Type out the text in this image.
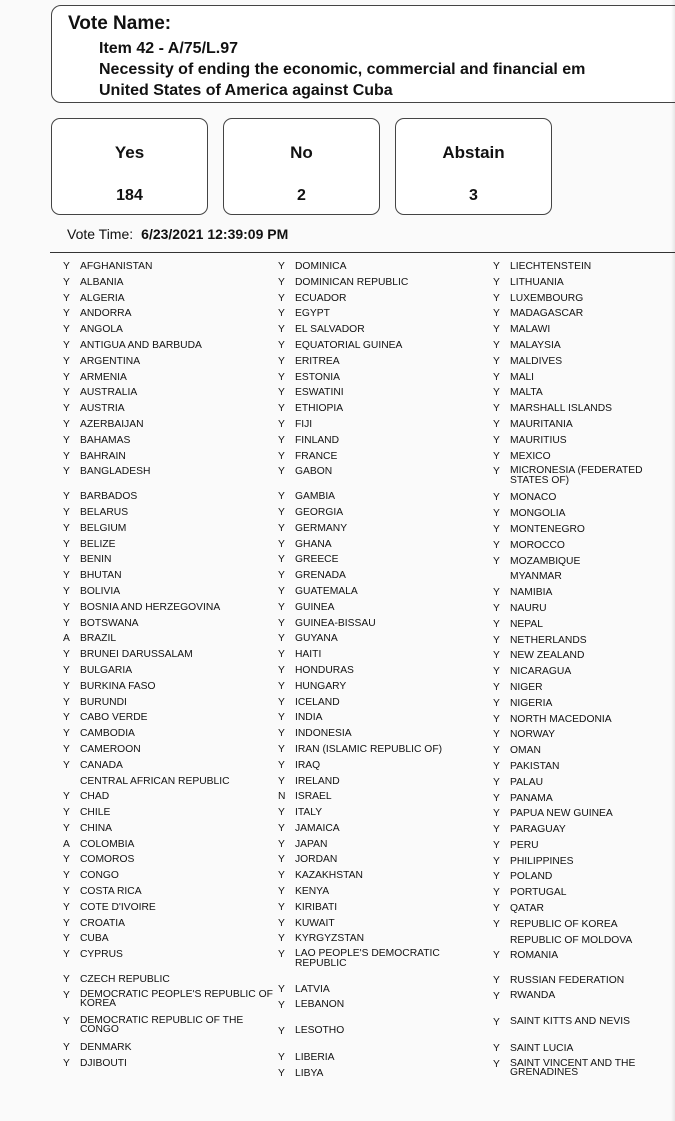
Vote Name:
Item 42 - A/75/L.97
Necessity of ending the economic, commercial and financial em
United States of America against Cuba
Yes
184
No
2
Abstain
3
Vote Time: 6/23/2021 12:39:09 PM
Y AFGHANISTAN
Y ALBANIA
Y ALGERIA
Y ANDORRA
Y ANGOLA
Y ANTIGUA AND BARBUDA
Y ARGENTINA
Y ARMENIA
Y AUSTRALIA
Y AUSTRIA
Y AZERBAIJAN
Y BAHAMAS
Y BAHRAIN
Y BANGLADESH
Y BARBADOS
Y BELARUS
Y BELGIUM
Y BELIZE
Y BENIN
Y BHUTAN
Y BOLIVIA
Y BOSNIA AND HERZEGOVINA
Y BOTSWANA
A BRAZIL
Y BRUNEI DARUSSALAM
Y BULGARIA
Y BURKINA FASO
Y BURUNDI
Y CABO VERDE
Y CAMBODIA
Y CAMEROON
Y CANADA
CENTRAL AFRICAN REPUBLIC
Y CHAD
Y CHILE
Y CHINA
A COLOMBIA
Y COMOROS
Y CONGO
Y COSTA RICA
Y COTE D'IVOIRE
Y CROATIA
Y CUBA
Y CYPRUS
Y CZECH REPUBLIC
Y DEMOCRATIC PEOPLE'S REPUBLIC OF KOREA
Y DEMOCRATIC REPUBLIC OF THE CONGO
Y DENMARK
Y DJIBOUTI
Y DOMINICA
Y DOMINICAN REPUBLIC
Y ECUADOR
Y EGYPT
Y EL SALVADOR
Y EQUATORIAL GUINEA
Y ERITREA
Y ESTONIA
Y ESWATINI
Y ETHIOPIA
Y FIJI
Y FINLAND
Y FRANCE
Y GABON
Y GAMBIA
Y GEORGIA
Y GERMANY
Y GHANA
Y GREECE
Y GRENADA
Y GUATEMALA
Y GUINEA
Y GUINEA-BISSAU
Y GUYANA
Y HAITI
Y HONDURAS
Y HUNGARY
Y ICELAND
Y INDIA
Y INDONESIA
Y IRAN (ISLAMIC REPUBLIC OF)
Y IRAQ
Y IRELAND
N ISRAEL
Y ITALY
Y JAMAICA
Y JAPAN
Y JORDAN
Y KAZAKHSTAN
Y KENYA
Y KIRIBATI
Y KUWAIT
Y KYRGYZSTAN
Y LAO PEOPLE'S DEMOCRATIC REPUBLIC
Y LATVIA
Y LEBANON
Y LESOTHO
Y LIBERIA
Y LIBYA
Y LIECHTENSTEIN
Y LITHUANIA
Y LUXEMBOURG
Y MADAGASCAR
Y MALAWI
Y MALAYSIA
Y MALDIVES
Y MALI
Y MALTA
Y MARSHALL ISLANDS
Y MAURITANIA
Y MAURITIUS
Y MEXICO
Y MICRONESIA (FEDERATED STATES OF)
Y MONACO
Y MONGOLIA
Y MONTENEGRO
Y MOROCCO
Y MOZAMBIQUE
MYANMAR
Y NAMIBIA
Y NAURU
Y NEPAL
Y NETHERLANDS
Y NEW ZEALAND
Y NICARAGUA
Y NIGER
Y NIGERIA
Y NORTH MACEDONIA
Y NORWAY
Y OMAN
Y PAKISTAN
Y PALAU
Y PANAMA
Y PAPUA NEW GUINEA
Y PARAGUAY
Y PERU
Y PHILIPPINES
Y POLAND
Y PORTUGAL
Y QATAR
Y REPUBLIC OF KOREA
REPUBLIC OF MOLDOVA
Y ROMANIA
Y RUSSIAN FEDERATION
Y RWANDA
Y SAINT KITTS AND NEVIS
Y SAINT LUCIA
Y SAINT VINCENT AND THE GRENADINES
